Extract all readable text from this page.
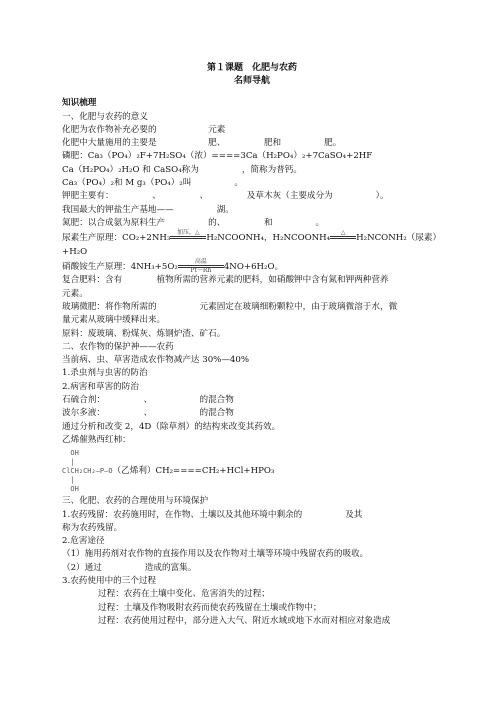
第１课题　化肥与农药

名师导航

知识梳理

一、化肥与农药的意义

化肥为农作物补充必要的　　　　　　元素

化肥中大量施用的主要是　　　　　　肥、　　　　　肥和　　　　　肥。

磷肥：Ca₃（PO₄）₂F+7H₂SO₄（浓）====3Ca（H₂PO₄）₂+7CaSO₄+2HF

Ca（H₂PO₄）₂H₂O 和 CaSO₄称为　　　　　，简称为普钙。

Ca₃（PO₄）₂和 M g₃（PO₄）₂叫　　　　　。

钾肥主要有：　　　　　、　　　　　、　　　　　及草木灰（主要成分为　　　　　）。

我国最大的钾盐生产基地——　　　　　湖。

氮肥：以合成氨为原料生产　　　　　的、　　　　　和　　　　　。

尿素生产原理：CO₂+2NH₃
加压，△
H₂NCOONH₄，H₂NCOONH₄
△
H₂NCONH₂（尿素）

+H₂O

硝酸铵生产原理：4NH₃+5O₂
高温
Pt－Rh	4NO+6H₂O。

复合肥料：含有　　　　植物所需的营养元素的肥料，如硝酸钾中含有氮和钾两种营养

元素。

玻璃微肥：将作物所需的　　　　　元素固定在玻璃细粉颗粒中，由于玻璃微溶于水，微

量元素从玻璃中缓释出来。

原料：废玻璃、粉煤灰、炼钢炉渣、矿石。

二、农作物的保护神——农药

当前病、虫、草害造成农作物减产达 30%—40%

1.杀虫剂与虫害的防治

2.病害和草害的防治

石硫合剂：　　　　　、　　　　　　的混合物

波尔多液：　　　　　、　　　　　　的混合物

通过分析和改变 2，4D（除草剂）的结构来改变其药效。

乙烯催熟西红柿：

OH
|
ClCH₂CH₂—P—O（乙烯利）CH₂====CH₂+HCl+HPO₃
|
OH

三、化肥、农药的合理使用与环境保护

1.农药残留：农药施用时，在作物、土壤以及其他环境中剩余的　　　　　及其

称为农药残留。

2.危害途径

（1）施用药剂对农作物的直接作用以及农作物对土壤等环境中残留农药的吸收。

（2）通过　　　　　造成的富集。

3.农药使用中的三个过程

过程：农药在土壤中变化、危害消失的过程；

过程：土壤及作物吸附农药而使农药残留在土壤或作物中；

过程：农药使用过程中，部分进入大气、附近水域或地下水而对相应对象造成
